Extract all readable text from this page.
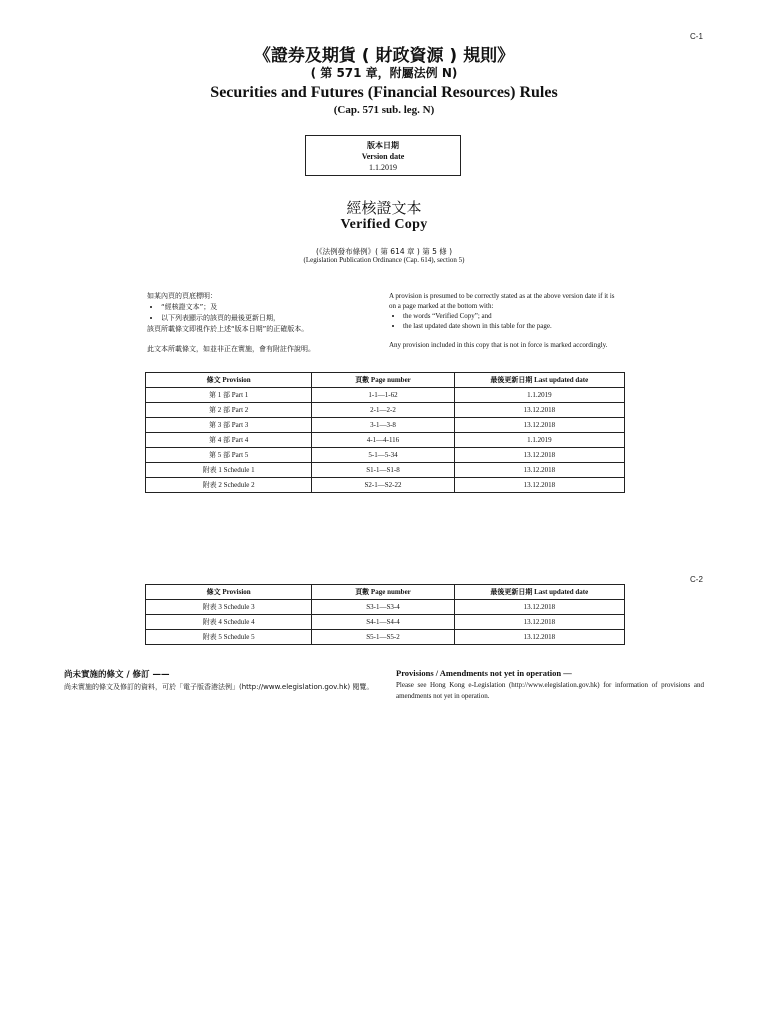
C-1
《證券及期貨 ( 財政資源 ) 規則》
( 第 571 章，附屬法例 N)
Securities and Futures (Financial Resources) Rules
(Cap. 571 sub. leg. N)
版本日期
Version date
1.1.2019
經核證文本
Verified Copy
(《法例發布條例》( 第 614 章 ) 第 5 條 )
(Legislation Publication Ordinance (Cap. 614), section 5)
如某內頁的頁底標明：
• “經核證文本”；及
• 以下列表顯示的該頁的最後更新日期，
該頁所載條文即視作於上述“版本日期”的正確版本。
此文本所載條文，如並非正在實施，會有附註作說明。
A provision is presumed to be correctly stated as at the above version date if it is on a page marked at the bottom with:
• the words “Verified Copy”; and
• the last updated date shown in this table for the page.
Any provision included in this copy that is not in force is marked accordingly.
條文 Provision	頁數 Page number	最後更新日期 Last updated date
第 1 部 Part 1	1-1—1-62	1.1.2019
第 2 部 Part 2	2-1—2-2	13.12.2018
第 3 部 Part 3	3-1—3-8	13.12.2018
第 4 部 Part 4	4-1—4-116	1.1.2019
第 5 部 Part 5	5-1—5-34	13.12.2018
附表 1 Schedule 1	S1-1—S1-8	13.12.2018
附表 2 Schedule 2	S2-1—S2-22	13.12.2018
C-2
條文 Provision	頁數 Page number	最後更新日期 Last updated date
附表 3 Schedule 3	S3-1—S3-4	13.12.2018
附表 4 Schedule 4	S4-1—S4-4	13.12.2018
附表 5 Schedule 5	S5-1—S5-2	13.12.2018
尚未實施的條文 / 修訂 ——
尚未實施的條文及修訂的資料，可於「電子版香港法例」(http://www.elegislation.gov.hk) 閱覽。
Provisions / Amendments not yet in operation —
Please see Hong Kong e-Legislation (http://www.elegislation.gov.hk) for information of provisions and amendments not yet in operation.
